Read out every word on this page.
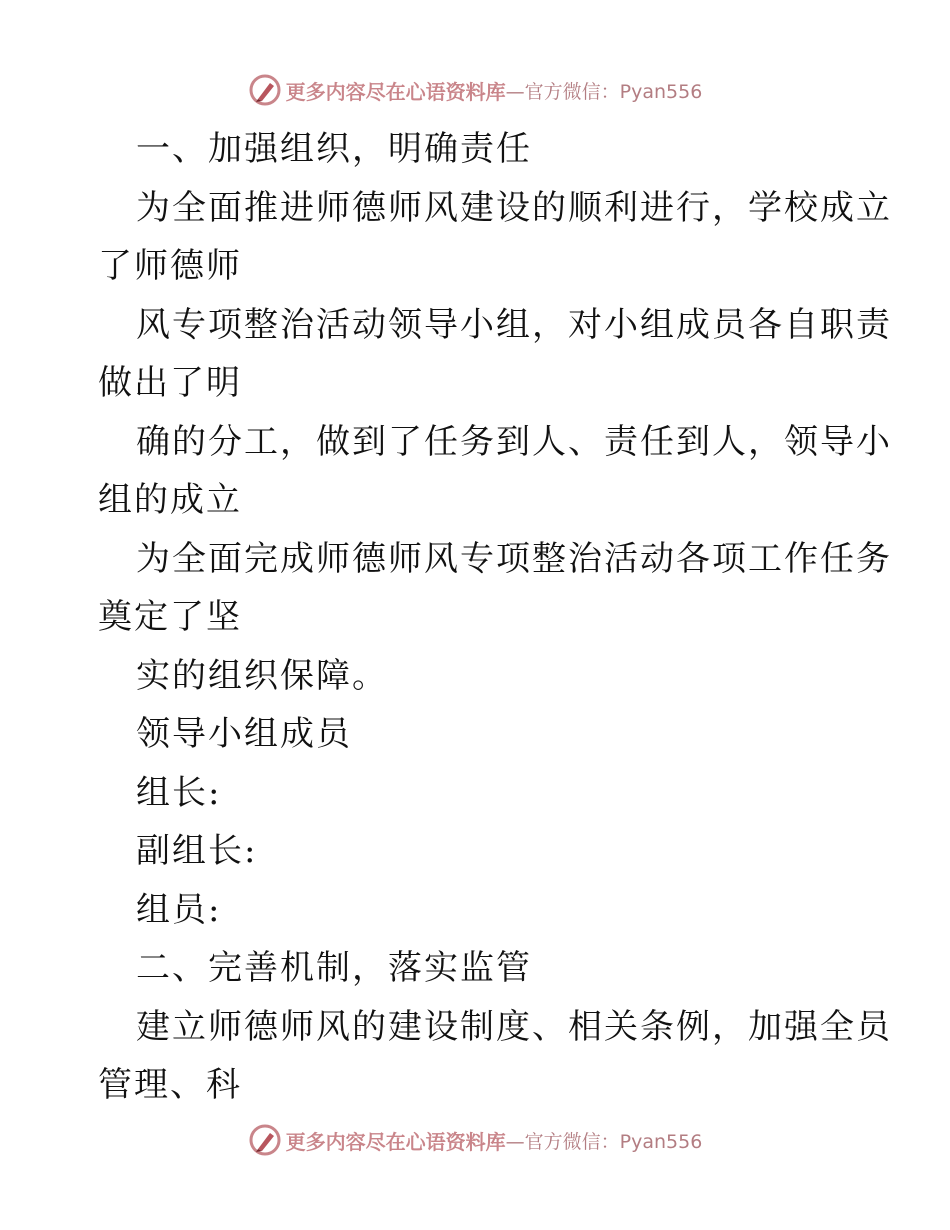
更多内容尽在心语资料库 —官方微信：Pyan556
一、加强组织，明确责任
为全面推进师德师风建设的顺利进行，学校成立
了师德师
风专项整治活动领导小组，对小组成员各自职责
做出了明
确的分工，做到了任务到人、责任到人，领导小
组的成立
为全面完成师德师风专项整治活动各项工作任务
奠定了坚
实的组织保障。
领导小组成员
组长:
副组长:
组员:
二、完善机制，落实监管
建立师德师风的建设制度、相关条例，加强全员
管理、科
更多内容尽在心语资料库 —官方微信：Pyan556
